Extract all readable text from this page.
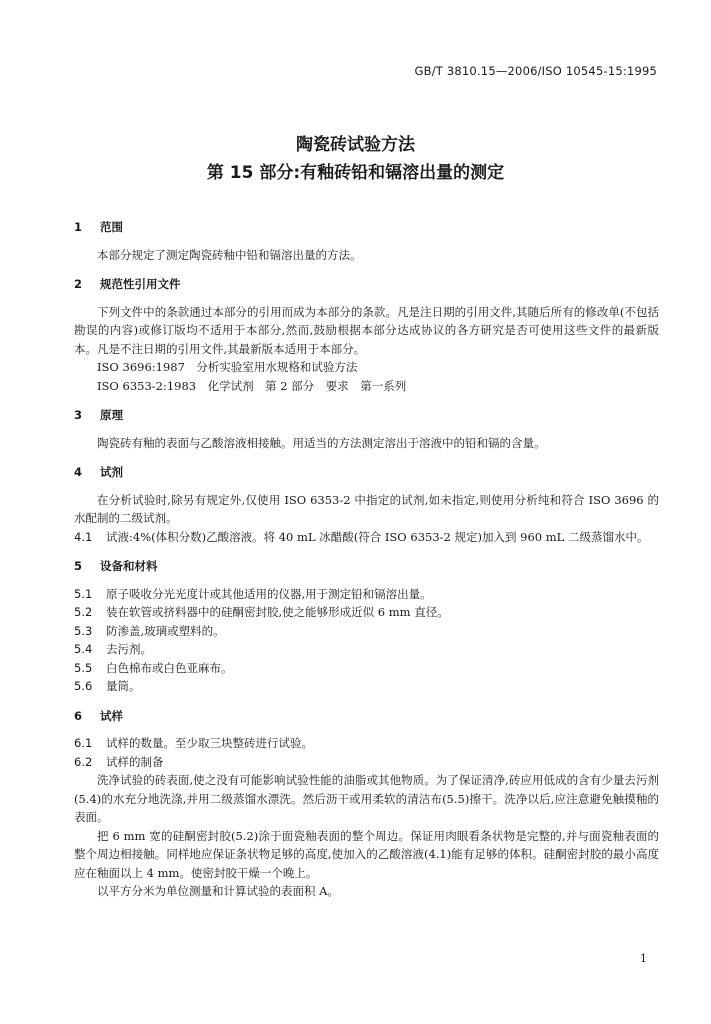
GB/T 3810.15—2006/ISO 10545-15:1995
陶瓷砖试验方法
第 15 部分:有釉砖铅和镉溶出量的测定

1 范围

本部分规定了测定陶瓷砖釉中铅和镉溶出量的方法。

2 规范性引用文件

下列文件中的条款通过本部分的引用而成为本部分的条款。凡是注日期的引用文件,其随后所有的修改单(不包括勘误的内容)或修订版均不适用于本部分,然而,鼓励根据本部分达成协议的各方研究是否可使用这些文件的最新版本。凡是不注日期的引用文件,其最新版本适用于本部分。

ISO 3696:1987　分析实验室用水规格和试验方法

ISO 6353-2:1983　化学试剂　第 2 部分　要求　第一系列

3 原理

陶瓷砖有釉的表面与乙酸溶液相接触。用适当的方法测定溶出于溶液中的铅和镉的含量。

4 试剂

在分析试验时,除另有规定外,仅使用 ISO 6353-2 中指定的试剂,如未指定,则使用分析纯和符合 ISO 3696 的水配制的二级试剂。

4.1 试液:4%(体积分数)乙酸溶液。将 40 mL 冰醋酸(符合 ISO 6353-2 规定)加入到 960 mL 二级蒸馏水中。

5 设备和材料

5.1 原子吸收分光光度计或其他适用的仪器,用于测定铅和镉溶出量。

5.2 装在软管或挤料器中的硅酮密封胶,使之能够形成近似 6 mm 直径。

5.3 防渗盖,玻璃或塑料的。

5.4 去污剂。

5.5 白色棉布或白色亚麻布。

5.6 量筒。

6 试样

6.1 试样的数量。至少取三块整砖进行试验。

6.2 试样的制备

洗净试验的砖表面,使之没有可能影响试验性能的油脂或其他物质。为了保证清净,砖应用低成的含有少量去污剂(5.4)的水充分地洗涤,并用二级蒸馏水漂洗。然后沥干或用柔软的清洁布(5.5)擦干。洗净以后,应注意避免触摸釉的表面。

把 6 mm 宽的硅酮密封胶(5.2)涂于面瓷釉表面的整个周边。保证用肉眼看条状物是完整的,并与面瓷釉表面的整个周边相接触。同样地应保证条状物足够的高度,使加入的乙酸溶液(4.1)能有足够的体积。硅酮密封胶的最小高度应在釉面以上 4 mm。使密封胶干燥一个晚上。

以平方分米为单位测量和计算试验的表面积 A。

1
